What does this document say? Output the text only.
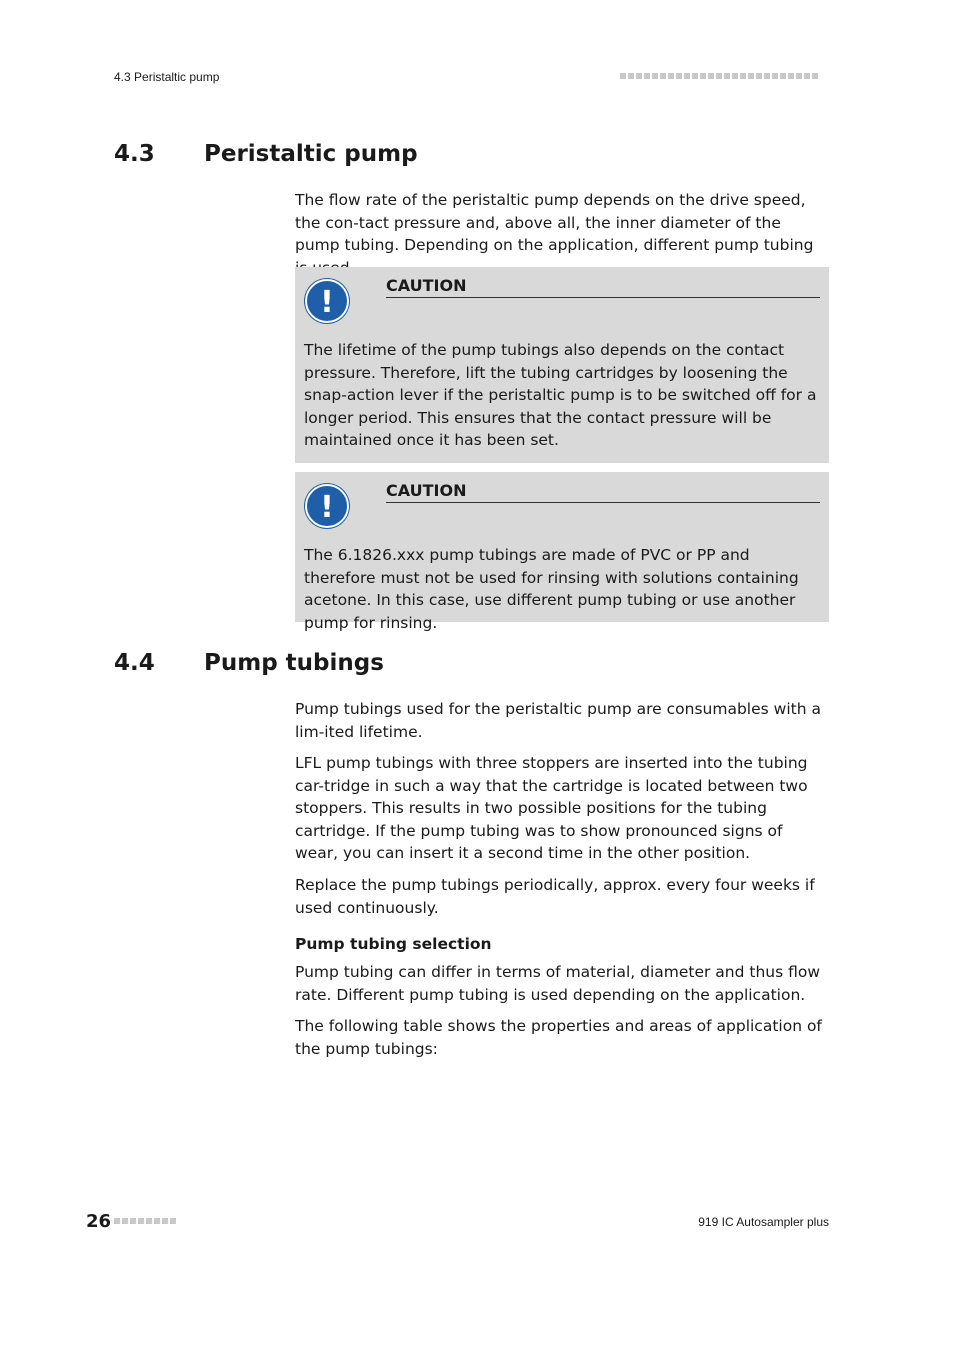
4.3 Peristaltic pump
4.3	Peristaltic pump

The flow rate of the peristaltic pump depends on the drive speed, the con-tact pressure and, above all, the inner diameter of the pump tubing. Depending on the application, different pump tubing

!	CAUTION

The lifetime of the pump tubings also depends on the contact pressure. Therefore, lift the tubing cartridges by loosening the snap-action lever if the peristaltic pump is to be switched off for a longer period. This ensures that the contact pressure will be maintained once it has been set.

!	CAUTION

The 6.1826.xxx pump tubings are made of PVC or PP and therefore must not be used for rinsing with solutions containing acetone. In this case, use different pump tubing or use another pump for rinsing.

4.4	Pump tubings

Pump tubings used for the peristaltic pump are consumables with a lim-ited lifetime.

LFL pump tubings with three stoppers are inserted into the tubing car-tridge in such a way that the cartridge is located between two stoppers. This results in two possible positions for the tubing cartridge. If the pump tubing was to show pronounced signs of wear, you can insert it a second time in the other position.

Replace the pump tubings periodically, approx. every four weeks if used continuously.

Pump tubing selection

Pump tubing can differ in terms of material, diameter and thus flow rate. Different pump tubing is used depending on the application.

The following table shows the properties and areas of application of the pump tubings:

26	919 IC Autosampler plus
